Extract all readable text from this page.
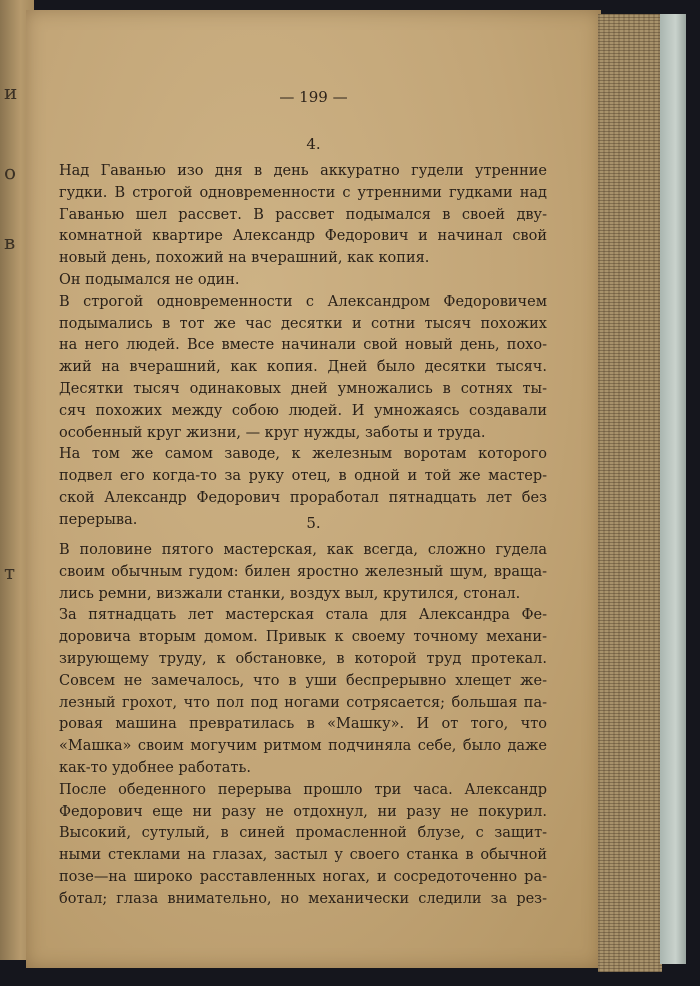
и
о
в
т
— 199 —
4.
Над Гаванью изо дня в день аккуратно гудели утренние
гудки. В строгой одновременности с утренними гудками над
Гаванью шел рассвет. В рассвет подымался в своей дву-
комнатной квартире Александр Федорович и начинал свой
новый день, похожий на вчерашний, как копия.
Он подымался не один.
В строгой одновременности с Александром Федоровичем
подымались в тот же час десятки и сотни тысяч похожих
на него людей. Все вместе начинали свой новый день, похо-
жий на вчерашний, как копия. Дней было десятки тысяч.
Десятки тысяч одинаковых дней умножались в сотнях ты-
сяч похожих между собою людей. И умножаясь создавали
особенный круг жизни, — круг нужды, заботы и труда.
На том же самом заводе, к железным воротам которого
подвел его когда-то за руку отец, в одной и той же мастер-
ской Александр Федорович проработал пятнадцать лет без
перерыва.	5.
В половине пятого мастерская, как всегда, сложно гудела
своим обычным гудом: билен яростно железный шум, враща-
лись ремни, визжали станки, воздух выл, крутился, стонал.
За пятнадцать лет мастерская стала для Александра Фе-
доровича вторым домом. Привык к своему точному механи-
зирующему труду, к обстановке, в которой труд протекал.
Совсем не замечалось, что в уши беспрерывно хлещет же-
лезный грохот, что пол под ногами сотрясается; большая па-
ровая машина превратилась в «Машку». И от того, что
«Машка» своим могучим ритмом подчиняла себе, было даже
как-то удобнее работать.
После обеденного перерыва прошло три часа. Александр
Федорович еще ни разу не отдохнул, ни разу не покурил.
Высокий, сутулый, в синей промасленной блузе, с защит-
ными стеклами на глазах, застыл у своего станка в обычной
позе—на широко расставленных ногах, и сосредоточенно ра-
ботал; глаза внимательно, но механически следили за рез-
